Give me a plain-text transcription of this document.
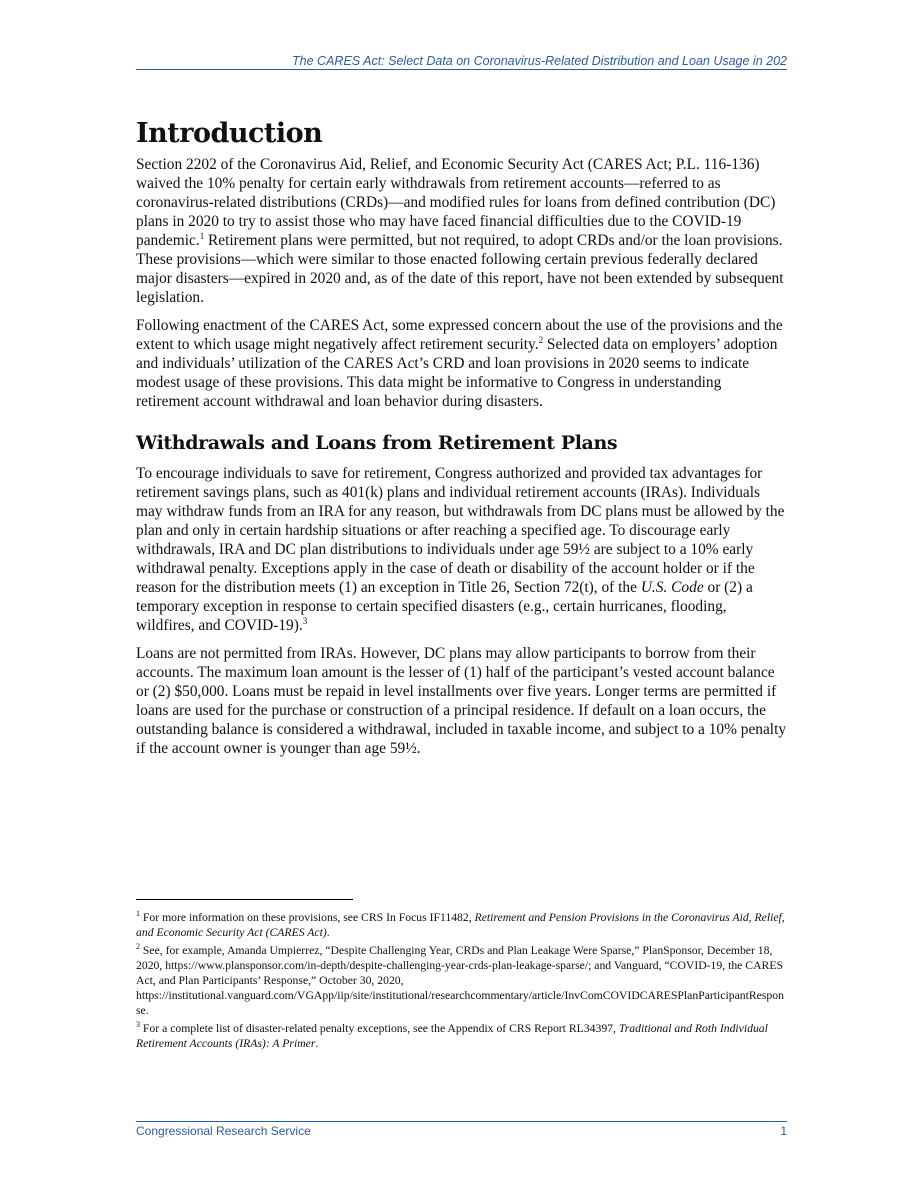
The CARES Act: Select Data on Coronavirus-Related Distribution and Loan Usage in 202
Introduction

Section 2202 of the Coronavirus Aid, Relief, and Economic Security Act (CARES Act; P.L. 116-136) waived the 10% penalty for certain early withdrawals from retirement accounts—referred to as coronavirus-related distributions (CRDs)—and modified rules for loans from defined contribution (DC) plans in 2020 to try to assist those who may have faced financial difficulties due to the COVID-19 pandemic.$^1$ Retirement plans were permitted, but not required, to adopt CRDs and/or the loan provisions. These provisions—which were similar to those enacted following certain previous federally declared major disasters—expired in 2020 and, as of the date of this report, have not been extended by subsequent legislation.

Following enactment of the CARES Act, some expressed concern about the use of the provisions and the extent to which usage might negatively affect retirement security.$^2$ Selected data on employers’ adoption and individuals’ utilization of the CARES Act’s CRD and loan provisions in 2020 seems to indicate modest usage of these provisions. This data might be informative to Congress in understanding retirement account withdrawal and loan behavior during disasters.

Withdrawals and Loans from Retirement Plans

To encourage individuals to save for retirement, Congress authorized and provided tax advantages for retirement savings plans, such as 401(k) plans and individual retirement accounts (IRAs). Individuals may withdraw funds from an IRA for any reason, but withdrawals from DC plans must be allowed by the plan and only in certain hardship situations or after reaching a specified age. To discourage early withdrawals, IRA and DC plan distributions to individuals under age 59½ are subject to a 10% early withdrawal penalty. Exceptions apply in the case of death or disability of the account holder or if the reason for the distribution meets (1) an exception in Title 26, Section 72(t), of the U.S. Code or (2) a temporary exception in response to certain specified disasters (e.g., certain hurricanes, flooding, wildfires, and COVID-19).$^3$

Loans are not permitted from IRAs. However, DC plans may allow participants to borrow from their accounts. The maximum loan amount is the lesser of (1) half of the participant’s vested account balance or (2) $50,000. Loans must be repaid in level installments over five years. Longer terms are permitted if loans are used for the purchase or construction of a principal residence. If default on a loan occurs, the outstanding balance is considered a withdrawal, included in taxable income, and subject to a 10% penalty if the account owner is younger than age 59½.

$^1$ For more information on these provisions, see CRS In Focus IF11482, Retirement and Pension Provisions in the Coronavirus Aid, Relief, and Economic Security Act (CARES Act).
$^2$ See, for example, Amanda Umpierrez, “Despite Challenging Year, CRDs and Plan Leakage Were Sparse,” PlanSponsor, December 18, 2020, https://www.plansponsor.com/in-depth/despite-challenging-year-crds-plan-leakage-sparse/; and Vanguard, “COVID-19, the CARES Act, and Plan Participants’ Response,” October 30, 2020, https://institutional.vanguard.com/VGApp/iip/site/institutional/researchcommentary/article/InvComCOVIDCARESPlanParticipantResponse.
$^3$ For a complete list of disaster-related penalty exceptions, see the Appendix of CRS Report RL34397, Traditional and Roth Individual Retirement Accounts (IRAs): A Primer.
Congressional Research Service	1
